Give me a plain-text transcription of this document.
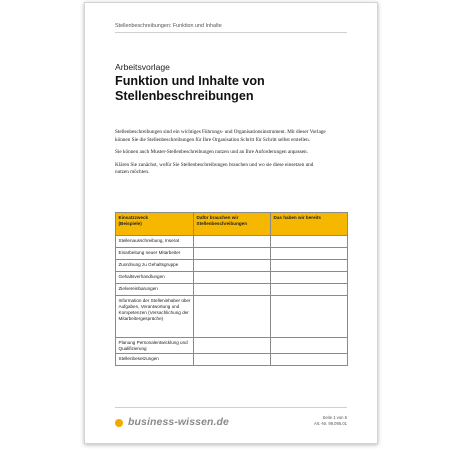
Stellenbeschreibungen: Funktion und Inhalte
Arbeitsvorlage
Funktion und Inhalte von Stellenbeschreibungen

Stellenbeschreibungen sind ein wichtiges Führungs- und Organisationsinstrument. Mit dieser Vorlage können Sie die Stellenbeschreibungen für Ihre Organisation Schritt für Schritt selbst erstellen.

Sie können auch Muster-Stellenbeschreibungen nutzen und an Ihre Anforderungen anpassen.

Klären Sie zunächst, wofür Sie Stellenbeschreibungen brauchen und wo sie diese einsetzen und nutzen möchten.

Einsatzzweck
(Beispiele)	Dafür brauchen wir Stellenbeschreibungen	Das haben wir bereits
Stellenausschreibung, Inserat		
Einarbeitung neuer Mitarbeiter		
Zuordnung zu Gehaltsgruppe		
Gehaltsverhandlungen		
Zielvereinbarungen		
Information der Stelleninhaber über Aufgaben, Verantwortung und Kompetenzen (Versachlichung der Mitarbeitergespräche)		
Planung Personalentwicklung und Qualifizierung		
Stellenbesetzungen		
business-wissen.de	Seite 1 von 6
Art.-Nr. 99.095.01
